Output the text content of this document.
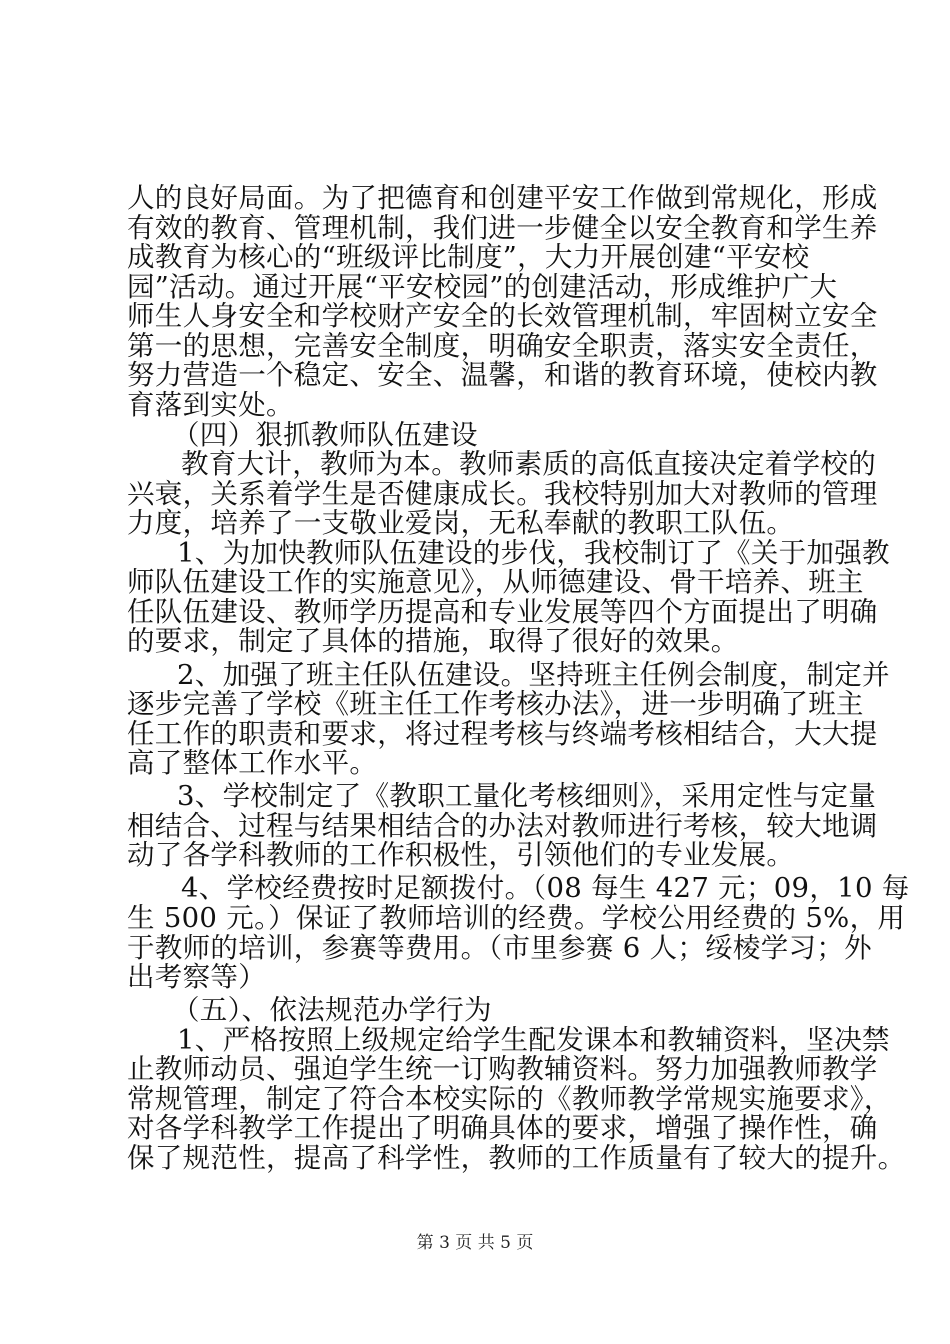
人的良好局面。为了把德育和创建平安工作做到常规化，形成
有效的教育、管理机制，我们进一步健全以安全教育和学生养
成教育为核心的“班级评比制度”，大力开展创建“平安校
园”活动。通过开展“平安校园”的创建活动，形成维护广大
师生人身安全和学校财产安全的长效管理机制，牢固树立安全
第一的思想，完善安全制度，明确安全职责，落实安全责任，
努力营造一个稳定、安全、温馨，和谐的教育环境，使校内教
育落到实处。
（四）狠抓教师队伍建设
教育大计，教师为本。教师素质的高低直接决定着学校的
兴衰，关系着学生是否健康成长。我校特别加大对教师的管理
力度，培养了一支敬业爱岗，无私奉献的教职工队伍。
1、为加快教师队伍建设的步伐，我校制订了《关于加强教
师队伍建设工作的实施意见》，从师德建设、骨干培养、班主
任队伍建设、教师学历提高和专业发展等四个方面提出了明确
的要求，制定了具体的措施，取得了很好的效果。
2、加强了班主任队伍建设。坚持班主任例会制度，制定并
逐步完善了学校《班主任工作考核办法》，进一步明确了班主
任工作的职责和要求，将过程考核与终端考核相结合，大大提
高了整体工作水平。
3、学校制定了《教职工量化考核细则》，采用定性与定量
相结合、过程与结果相结合的办法对教师进行考核，较大地调
动了各学科教师的工作积极性，引领他们的专业发展。
4、学校经费按时足额拨付。（08 每生 427 元；09，10 每
生 500 元。）保证了教师培训的经费。学校公用经费的 5%，用
于教师的培训，参赛等费用。（市里参赛 6 人；绥棱学习；外
出考察等）
（五）、依法规范办学行为
1、严格按照上级规定给学生配发课本和教辅资料，坚决禁
止教师动员、强迫学生统一订购教辅资料。努力加强教师教学
常规管理，制定了符合本校实际的《教师教学常规实施要求》，
对各学科教学工作提出了明确具体的要求，增强了操作性，确
保了规范性，提高了科学性，教师的工作质量有了较大的提升。
第 3 页 共 5 页
